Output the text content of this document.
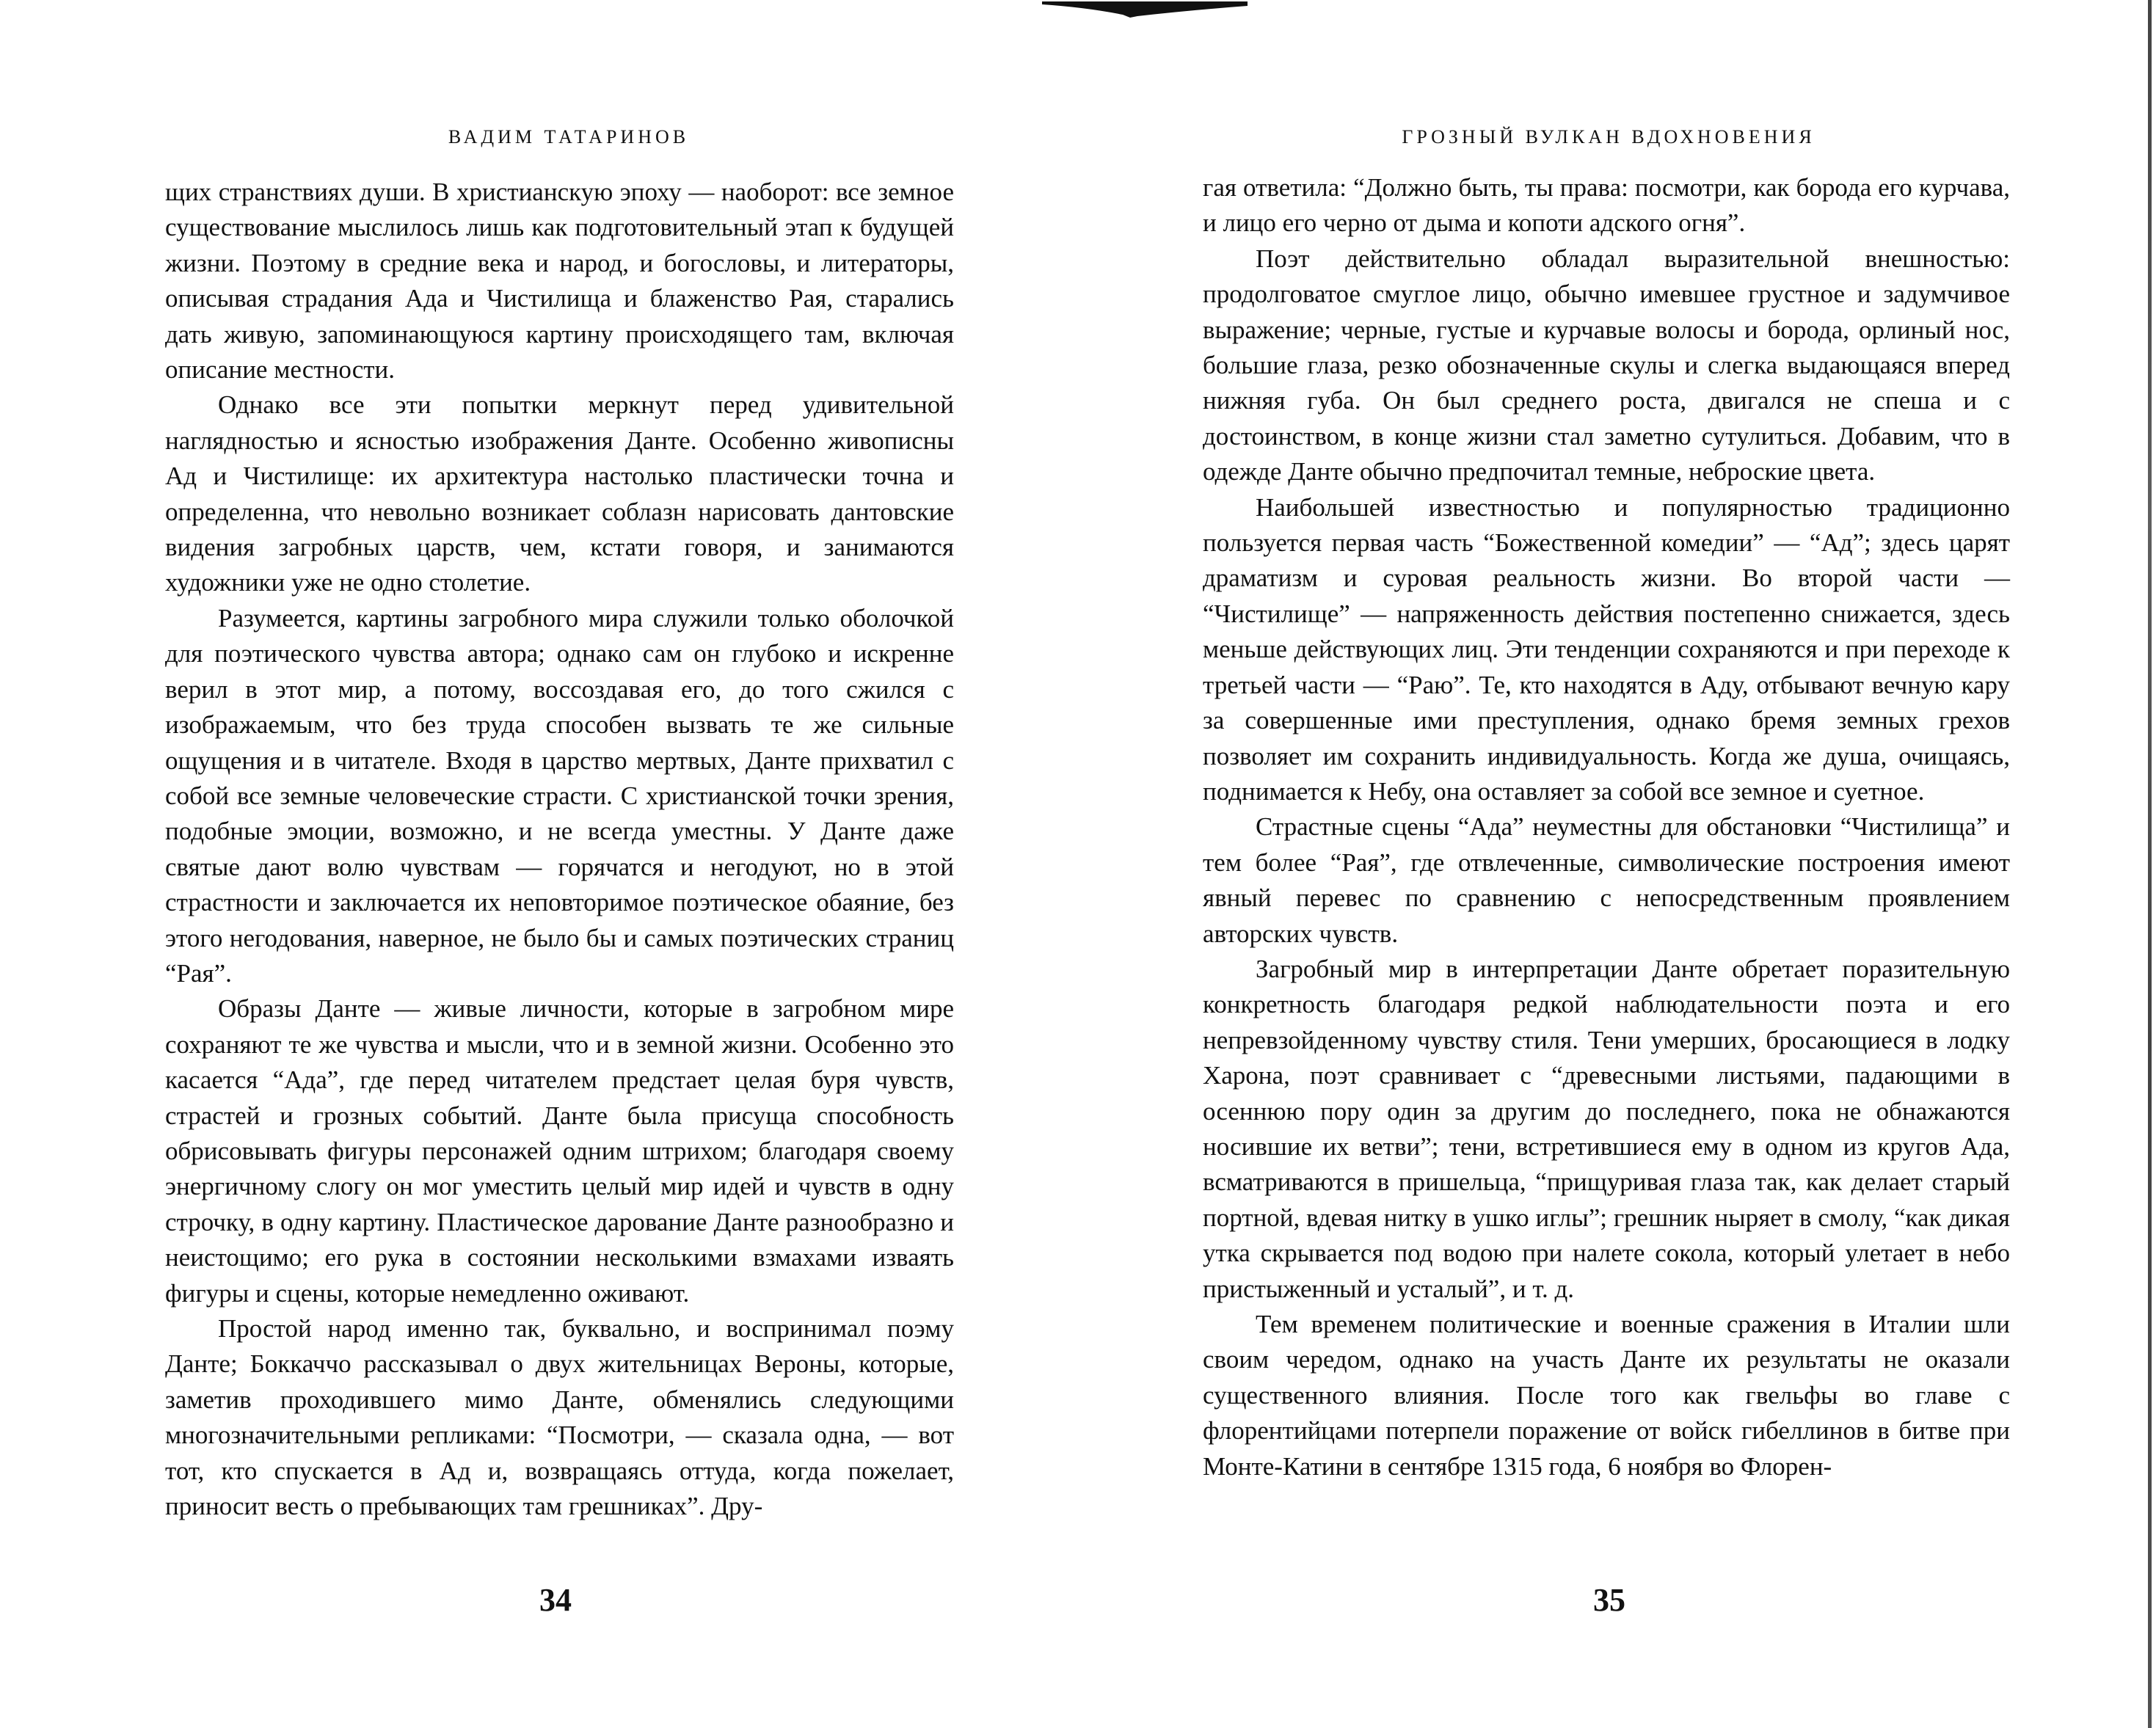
ВАДИМ ТАТАРИНОВ

щих странствиях души. В христианскую эпоху — наоборот: все земное существование мыслилось лишь как подготовительный этап к будущей жизни. Поэтому в средние века и народ, и богословы, и литераторы, описывая страдания Ада и Чистилища и блаженство Рая, старались дать живую, запоминающуюся картину происходящего там, включая описание местности.

Однако все эти попытки меркнут перед удивительной наглядностью и ясностью изображения Данте. Особенно живописны Ад и Чистилище: их архитектура настолько пластически точна и определенна, что невольно возникает соблазн нарисовать дантовские видения загробных царств, чем, кстати говоря, и занимаются художники уже не одно столетие.

Разумеется, картины загробного мира служили только оболочкой для поэтического чувства автора; однако сам он глубоко и искренне верил в этот мир, а потому, воссоздавая его, до того сжился с изображаемым, что без труда способен вызвать те же сильные ощущения и в читателе. Входя в царство мертвых, Данте прихватил с собой все земные человеческие страсти. С христианской точки зрения, подобные эмоции, возможно, и не всегда уместны. У Данте даже святые дают волю чувствам — горячатся и негодуют, но в этой страстности и заключается их неповторимое поэтическое обаяние, без этого негодования, наверное, не было бы и самых поэтических страниц “Рая”.

Образы Данте — живые личности, которые в загробном мире сохраняют те же чувства и мысли, что и в земной жизни. Особенно это касается “Ада”, где перед читателем предстает целая буря чувств, страстей и грозных событий. Данте была присуща способность обрисовывать фигуры персонажей одним штрихом; благодаря своему энергичному слогу он мог уместить целый мир идей и чувств в одну строчку, в одну картину. Пластическое дарование Данте разнообразно и неистощимо; его рука в состоянии несколькими взмахами изваять фигуры и сцены, которые немедленно оживают.

Простой народ именно так, буквально, и воспринимал поэму Данте; Боккаччо рассказывал о двух жительницах Вероны, которые, заметив проходившего мимо Данте, обменялись следующими многозначительными репликами: “Посмотри, — сказала одна, — вот тот, кто спускается в Ад и, возвращаясь оттуда, когда пожелает, приносит весть о пребывающих там грешниках”. Дру-

34
ГРОЗНЫЙ ВУЛКАН ВДОХНОВЕНИЯ

гая ответила: “Должно быть, ты права: посмотри, как борода его курчава, и лицо его черно от дыма и копоти адского огня”.

Поэт действительно обладал выразительной внешностью: продолговатое смуглое лицо, обычно имевшее грустное и задумчивое выражение; черные, густые и курчавые волосы и борода, орлиный нос, большие глаза, резко обозначенные скулы и слегка выдающаяся вперед нижняя губа. Он был среднего роста, двигался не спеша и с достоинством, в конце жизни стал заметно сутулиться. Добавим, что в одежде Данте обычно предпочитал темные, неброские цвета.

Наибольшей известностью и популярностью традиционно пользуется первая часть “Божественной комедии” — “Ад”; здесь царят драматизм и суровая реальность жизни. Во второй части — “Чистилище” — напряженность действия постепенно снижается, здесь меньше действующих лиц. Эти тенденции сохраняются и при переходе к третьей части — “Раю”. Те, кто находятся в Аду, отбывают вечную кару за совершенные ими преступления, однако бремя земных грехов позволяет им сохранить индивидуальность. Когда же душа, очищаясь, поднимается к Небу, она оставляет за собой все земное и суетное.

Страстные сцены “Ада” неуместны для обстановки “Чистилища” и тем более “Рая”, где отвлеченные, символические построения имеют явный перевес по сравнению с непосредственным проявлением авторских чувств.

Загробный мир в интерпретации Данте обретает поразительную конкретность благодаря редкой наблюдательности поэта и его непревзойденному чувству стиля. Тени умерших, бросающиеся в лодку Харона, поэт сравнивает с “древесными листьями, падающими в осеннюю пору один за другим до последнего, пока не обнажаются носившие их ветви”; тени, встретившиеся ему в одном из кругов Ада, всматриваются в пришельца, “прищуривая глаза так, как делает старый портной, вдевая нитку в ушко иглы”; грешник ныряет в смолу, “как дикая утка скрывается под водою при налете сокола, который улетает в небо пристыженный и усталый”, и т. д.

Тем временем политические и военные сражения в Италии шли своим чередом, однако на участь Данте их результаты не оказали существенного влияния. После того как гвельфы во главе с флорентийцами потерпели поражение от войск гибеллинов в битве при Монте-Катини в сентябре 1315 года, 6 ноября во Флорен-

35
